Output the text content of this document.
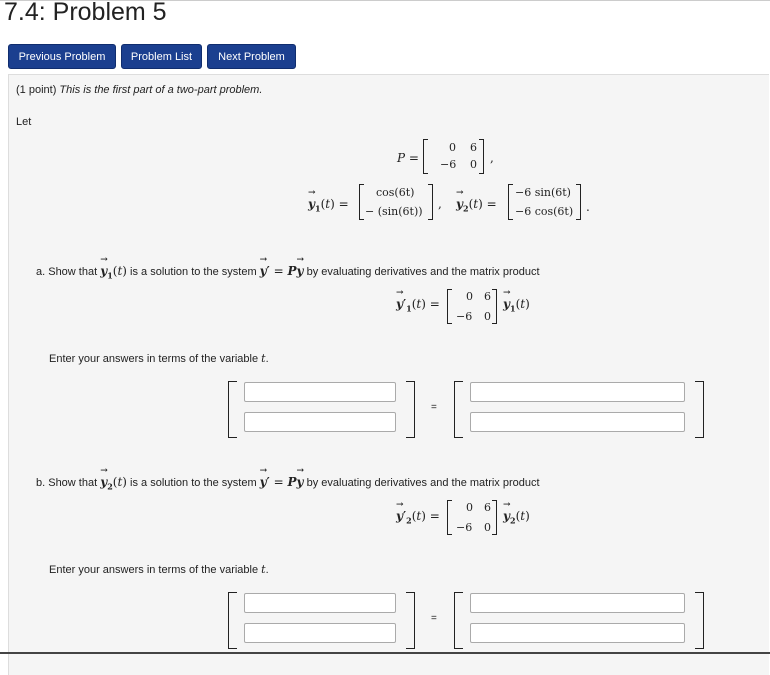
7.4: Problem 5
Previous Problem	Problem List	Next Problem
(1 point) This is the first part of a two-part problem.
Let
P =
0 6
−6 0 ,
→ $y_1(t)$ =
cos(6t)
− (sin(6t))
, → $y_2(t)$ =
−6 sin(6t)
−6 cos(6t) .
a. Show that → $y_1(t)$ is a solution to the system → y′ = P→ y by evaluating derivatives and the matrix product
→ $y'_1(t)$ =
0 6
−6 0
→ $y_1(t)$
Enter your answers in terms of the variable t.
=
b. Show that → $y_2(t)$ is a solution to the system → y′ = P→ y by evaluating derivatives and the matrix product
→ $y'_2(t)$ =
0 6
−6 0
→ $y_2(t)$
Enter your answers in terms of the variable t.
=
